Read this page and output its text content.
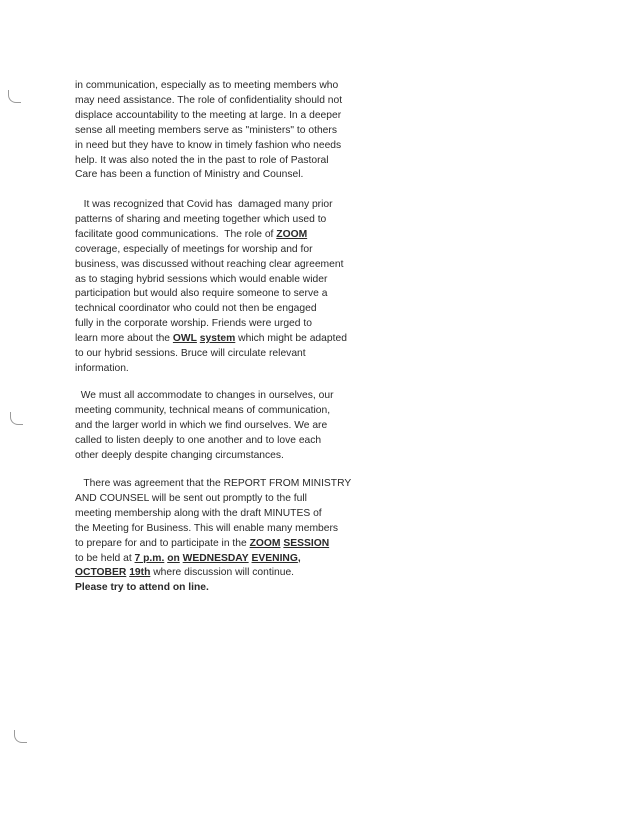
in communication, especially as to meeting members who
may need assistance. The role of confidentiality should not
displace accountability to the meeting at large. In a deeper
sense all meeting members serve as "ministers" to others
in need but they have to know in timely fashion who needs
help. It was also noted the in the past to role of Pastoral
Care has been a function of Ministry and Counsel.
It was recognized that Covid has  damaged many prior
patterns of sharing and meeting together which used to
facilitate good communications.  The role of ZOOM
coverage, especially of meetings for worship and for
business, was discussed without reaching clear agreement
as to staging hybrid sessions which would enable wider
participation but would also require someone to serve a
technical coordinator who could not then be engaged
fully in the corporate worship. Friends were urged to
learn more about the OWL system which might be adapted
to our hybrid sessions. Bruce will circulate relevant
information.
We must all accommodate to changes in ourselves, our
meeting community, technical means of communication,
and the larger world in which we find ourselves. We are
called to listen deeply to one another and to love each
other deeply despite changing circumstances.
There was agreement that the REPORT FROM MINISTRY
AND COUNSEL will be sent out promptly to the full
meeting membership along with the draft MINUTES of
the Meeting for Business. This will enable many members
to prepare for and to participate in the ZOOM SESSION
to be held at 7 p.m. on WEDNESDAY EVENING,
OCTOBER 19th where discussion will continue.
Please try to attend on line.
